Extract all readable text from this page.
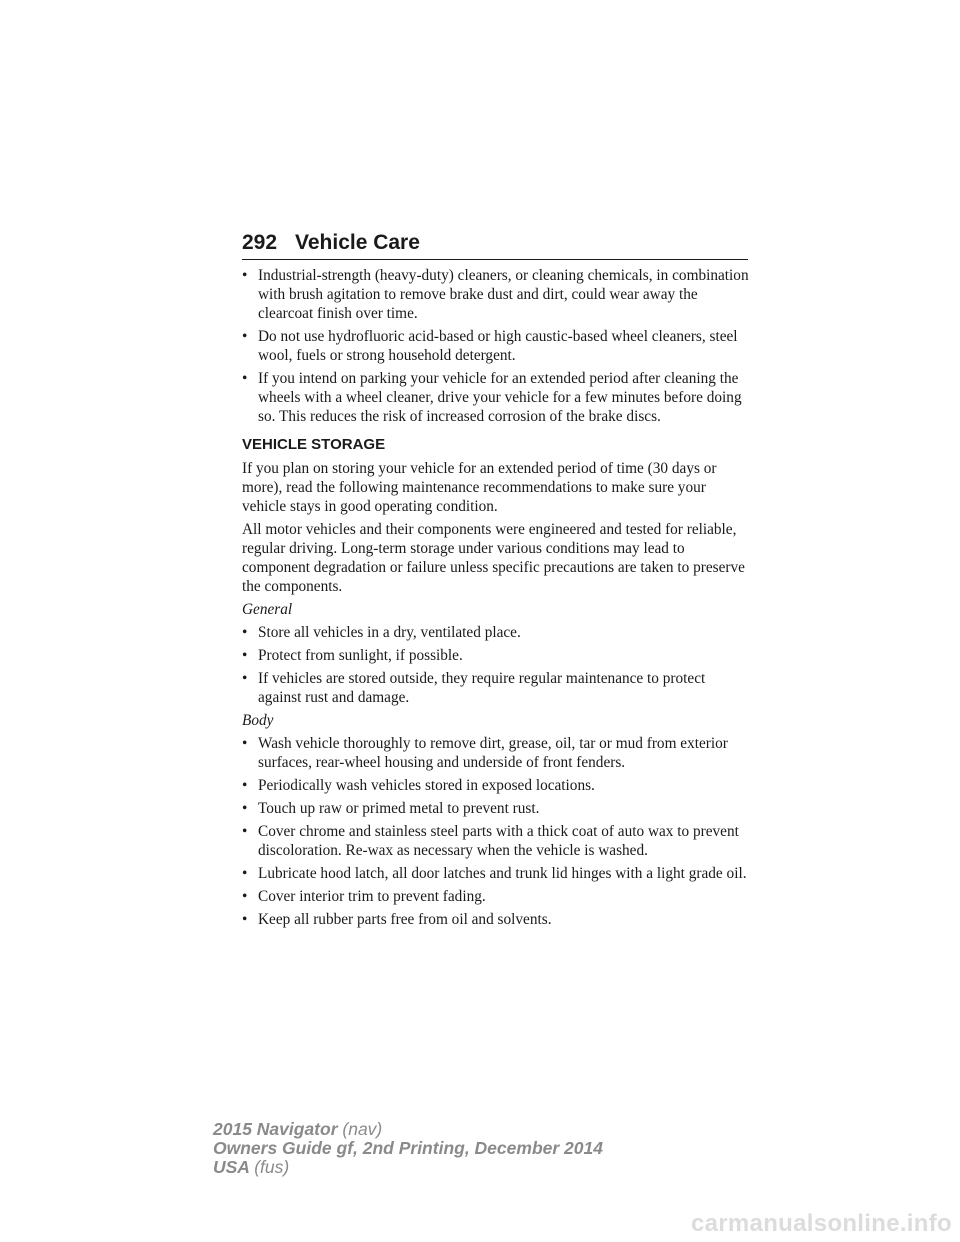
292 Vehicle Care
• Industrial-strength (heavy-duty) cleaners, or cleaning chemicals, in combination with brush agitation to remove brake dust and dirt, could wear away the clearcoat finish over time.
• Do not use hydrofluoric acid-based or high caustic-based wheel cleaners, steel wool, fuels or strong household detergent.
• If you intend on parking your vehicle for an extended period after cleaning the wheels with a wheel cleaner, drive your vehicle for a few minutes before doing so. This reduces the risk of increased corrosion of the brake discs.
VEHICLE STORAGE
If you plan on storing your vehicle for an extended period of time (30 days or more), read the following maintenance recommendations to make sure your vehicle stays in good operating condition.
All motor vehicles and their components were engineered and tested for reliable, regular driving. Long-term storage under various conditions may lead to component degradation or failure unless specific precautions are taken to preserve the components.
General
• Store all vehicles in a dry, ventilated place.
• Protect from sunlight, if possible.
• If vehicles are stored outside, they require regular maintenance to protect against rust and damage.
Body
• Wash vehicle thoroughly to remove dirt, grease, oil, tar or mud from exterior surfaces, rear-wheel housing and underside of front fenders.
• Periodically wash vehicles stored in exposed locations.
• Touch up raw or primed metal to prevent rust.
• Cover chrome and stainless steel parts with a thick coat of auto wax to prevent discoloration. Re-wax as necessary when the vehicle is washed.
• Lubricate hood latch, all door latches and trunk lid hinges with a light grade oil.
• Cover interior trim to prevent fading.
• Keep all rubber parts free from oil and solvents.
2015 Navigator (nav)
Owners Guide gf, 2nd Printing, December 2014
USA (fus)
carmanualsonline.info
